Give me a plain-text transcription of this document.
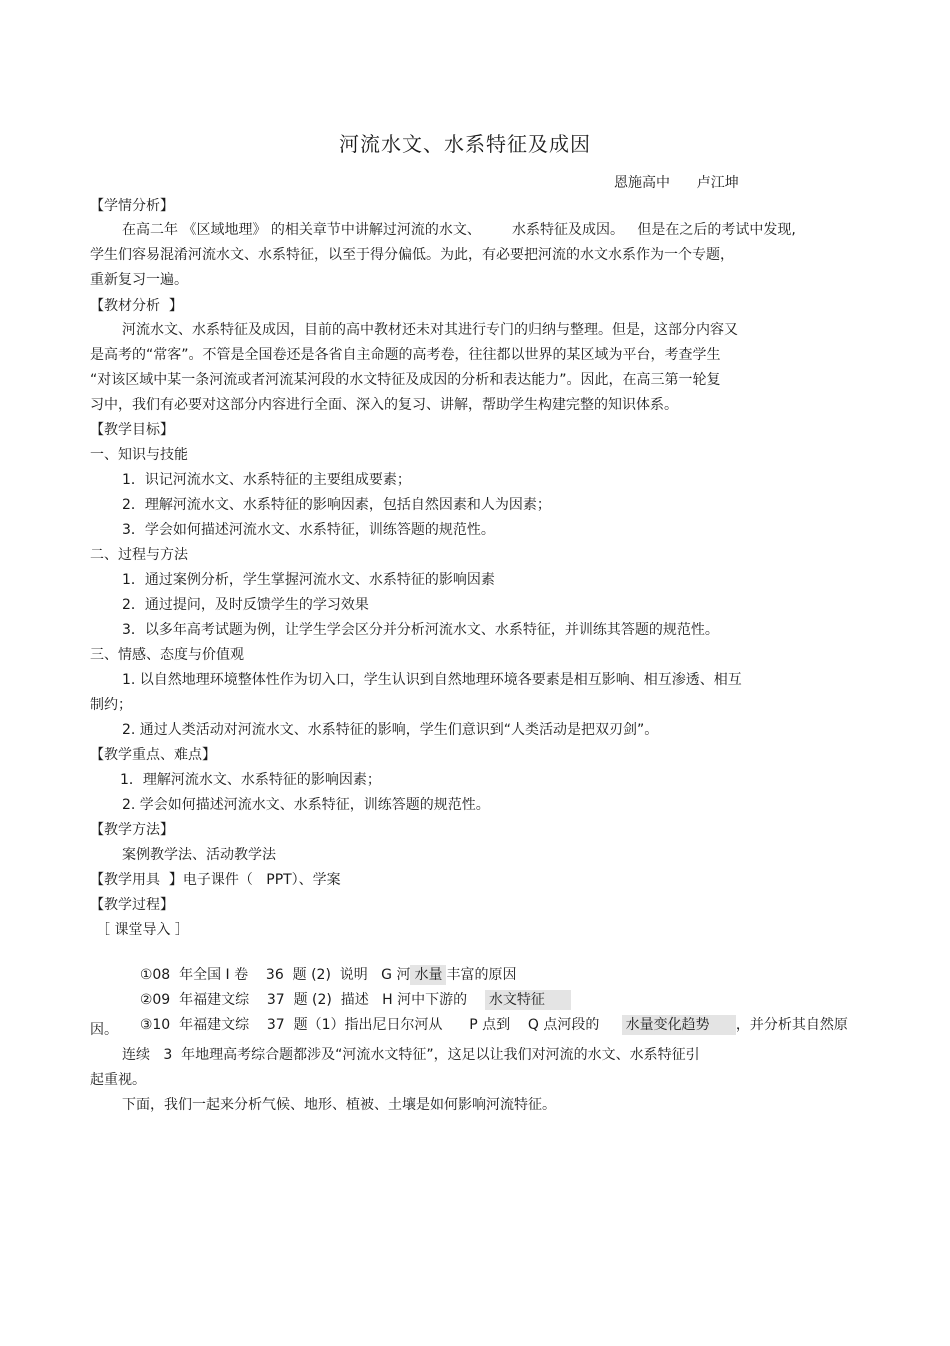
河流水文、水系特征及成因
恩施高中      卢江坤
【学情分析】
在高二年 《区域地理》 的相关章节中讲解过河流的水文、       水系特征及成因。   但是在之后的考试中发现,
学生们容易混淆河流水文、水系特征，以至于得分偏低。为此，有必要把河流的水文水系作为一个专题，
重新复习一遍。
【教材分析  】
河流水文、水系特征及成因，目前的高中教材还未对其进行专门的归纳与整理。但是，这部分内容又
是高考的“常客”。不管是全国卷还是各省自主命题的高考卷，往往都以世界的某区域为平台，考查学生
“对该区域中某一条河流或者河流某河段的水文特征及成因的分析和表达能力”。因此，在高三第一轮复
习中，我们有必要对这部分内容进行全面、深入的复习、讲解，帮助学生构建完整的知识体系。
【教学目标】
一、知识与技能
1．识记河流水文、水系特征的主要组成要素；
2．理解河流水文、水系特征的影响因素，包括自然因素和人为因素；
3．学会如何描述河流水文、水系特征，训练答题的规范性。
二、过程与方法
1．通过案例分析，学生掌握河流水文、水系特征的影响因素
2．通过提问，及时反馈学生的学习效果
3．以多年高考试题为例，让学生学会区分并分析河流水文、水系特征，并训练其答题的规范性。
三、情感、态度与价值观
1. 以自然地理环境整体性作为切入口，学生认识到自然地理环境各要素是相互影响、相互渗透、相互
制约；
2. 通过人类活动对河流水文、水系特征的影响，学生们意识到“人类活动是把双刃剑”。
【教学重点、难点】
1．理解河流水文、水系特征的影响因素；
2. 学会如何描述河流水文、水系特征，训练答题的规范性。
【教学方法】
案例教学法、活动教学法
【教学用具  】电子课件（   PPT）、学案
【教学过程】
［ 课堂导入 ］

①08  年全国 I 卷    36  题 (2)  说明   G 河 水量 丰富的原因

②09  年福建文综    37  题 (2)  描述   H 河中下游的    水文特征

③10  年福建文综    37  题（1）指出尼日尔河从      P 点到    Q 点河段的     水量变化趋势     ，并分析其自然原

因。
连续   3  年地理高考综合题都涉及“河流水文特征”，这足以让我们对河流的水文、水系特征引
起重视。
下面，我们一起来分析气候、地形、植被、土壤是如何影响河流特征。
